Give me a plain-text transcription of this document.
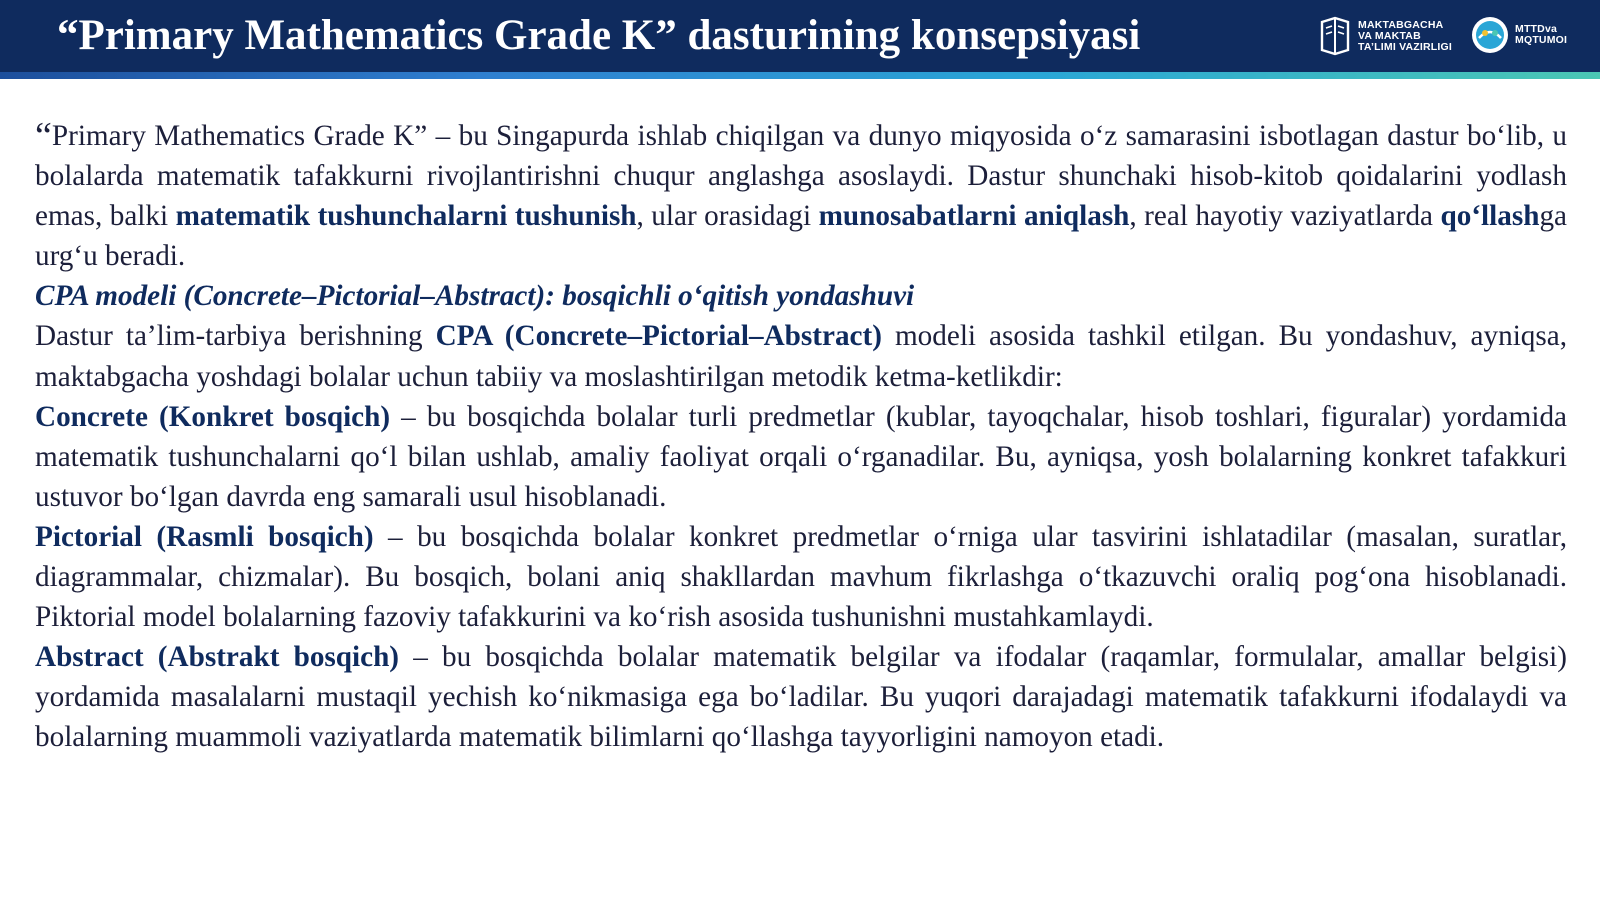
“Primary Mathematics Grade K” dasturining konsepsiyasi	MAKTABGACHA
VA MAKTAB
TA’LIMI VAZIRLIGI
MTTDva
MQTUMOI

“Primary Mathematics Grade K” – bu Singapurda ishlab chiqilgan va dunyo miqyosida o‘z samarasini isbotlagan dastur bo‘lib, u bolalarda matematik tafakkurni rivojlantirishni chuqur anglashga asoslaydi. Dastur shunchaki hisob-kitob qoidalarini yodlash emas, balki matematik tushunchalarni tushunish, ular orasidagi munosabatlarni aniqlash, real hayotiy vaziyatlarda qo‘llashga urg‘u beradi.

CPA modeli (Concrete–Pictorial–Abstract): bosqichli o‘qitish yondashuvi

Dastur ta’lim-tarbiya berishning CPA (Concrete–Pictorial–Abstract) modeli asosida tashkil etilgan. Bu yondashuv, ayniqsa, maktabgacha yoshdagi bolalar uchun tabiiy va moslashtirilgan metodik ketma-ketlikdir:

Concrete (Konkret bosqich) – bu bosqichda bolalar turli predmetlar (kublar, tayoqchalar, hisob toshlari, figuralar) yordamida matematik tushunchalarni qo‘l bilan ushlab, amaliy faoliyat orqali o‘rganadilar. Bu, ayniqsa, yosh bolalarning konkret tafakkuri ustuvor bo‘lgan davrda eng samarali usul hisoblanadi.

Pictorial (Rasmli bosqich) – bu bosqichda bolalar konkret predmetlar o‘rniga ular tasvirini ishlatadilar (masalan, suratlar, diagrammalar, chizmalar). Bu bosqich, bolani aniq shakllardan mavhum fikrlashga o‘tkazuvchi oraliq pog‘ona hisoblanadi. Piktorial model bolalarning fazoviy tafakkurini va ko‘rish asosida tushunishni mustahkamlaydi.

Abstract (Abstrakt bosqich) – bu bosqichda bolalar matematik belgilar va ifodalar (raqamlar, formulalar, amallar belgisi) yordamida masalalarni mustaqil yechish ko‘nikmasiga ega bo‘ladilar. Bu yuqori darajadagi matematik tafakkurni ifodalaydi va bolalarning muammoli vaziyatlarda matematik bilimlarni qo‘llashga tayyorligini namoyon etadi.
